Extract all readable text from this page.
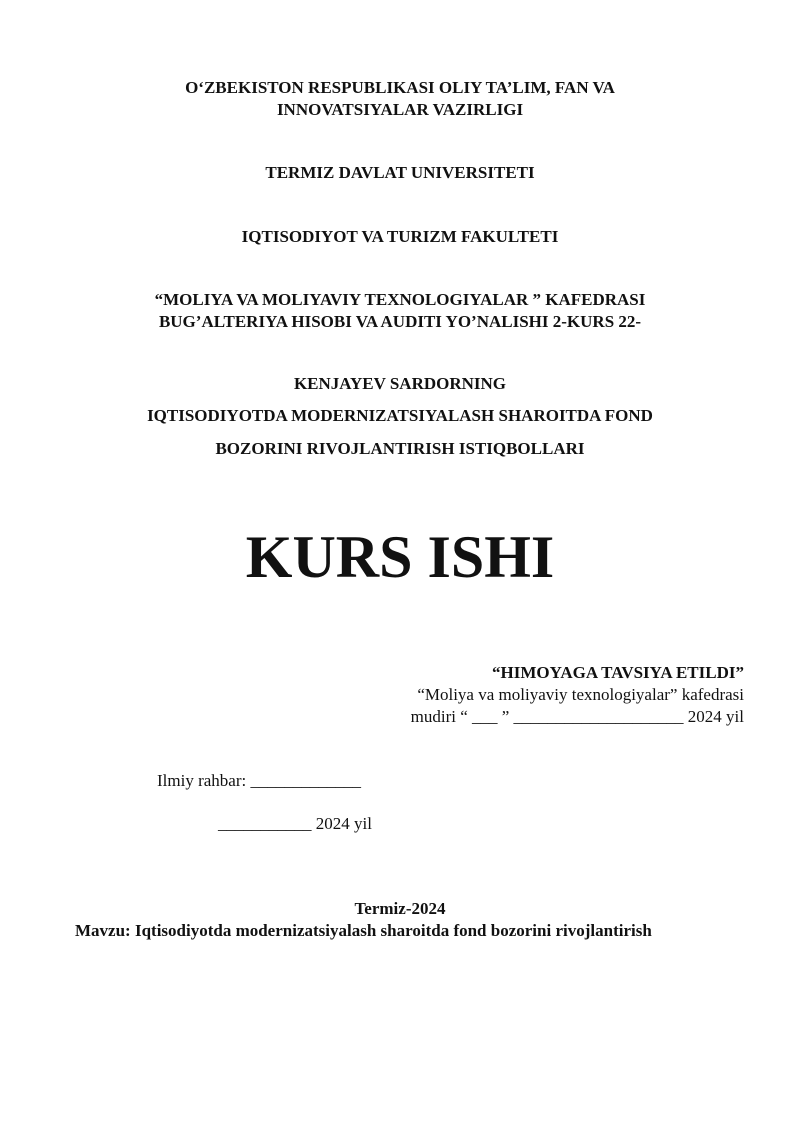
O‘ZBEKISTON RESPUBLIKASI OLIY TA’LIM, FAN VA
INNOVATSIYALAR VAZIRLIGI
TERMIZ DAVLAT UNIVERSITETI
IQTISODIYOT VA TURIZM FAKULTETI
“MOLIYA VA MOLIYAVIY TEXNOLOGIYALAR ” KAFEDRASI
BUG’ALTERIYA HISOBI VA AUDITI YO’NALISHI 2-KURS 22-
KENJAYEV SARDORNING
IQTISODIYOTDA MODERNIZATSIYALASH SHAROITDA FOND
BOZORINI RIVOJLANTIRISH ISTIQBOLLARI
KURS ISHI
“HIMOYAGA TAVSIYA ETILDI”
“Moliya va moliyaviy texnologiyalar” kafedrasi
mudiri “ ___ ” ____________________ 2024 yil
Ilmiy rahbar: _____________
___________ 2024 yil
Termiz-2024
Mavzu: Iqtisodiyotda modernizatsiyalash sharoitda fond bozorini rivojlantirish
